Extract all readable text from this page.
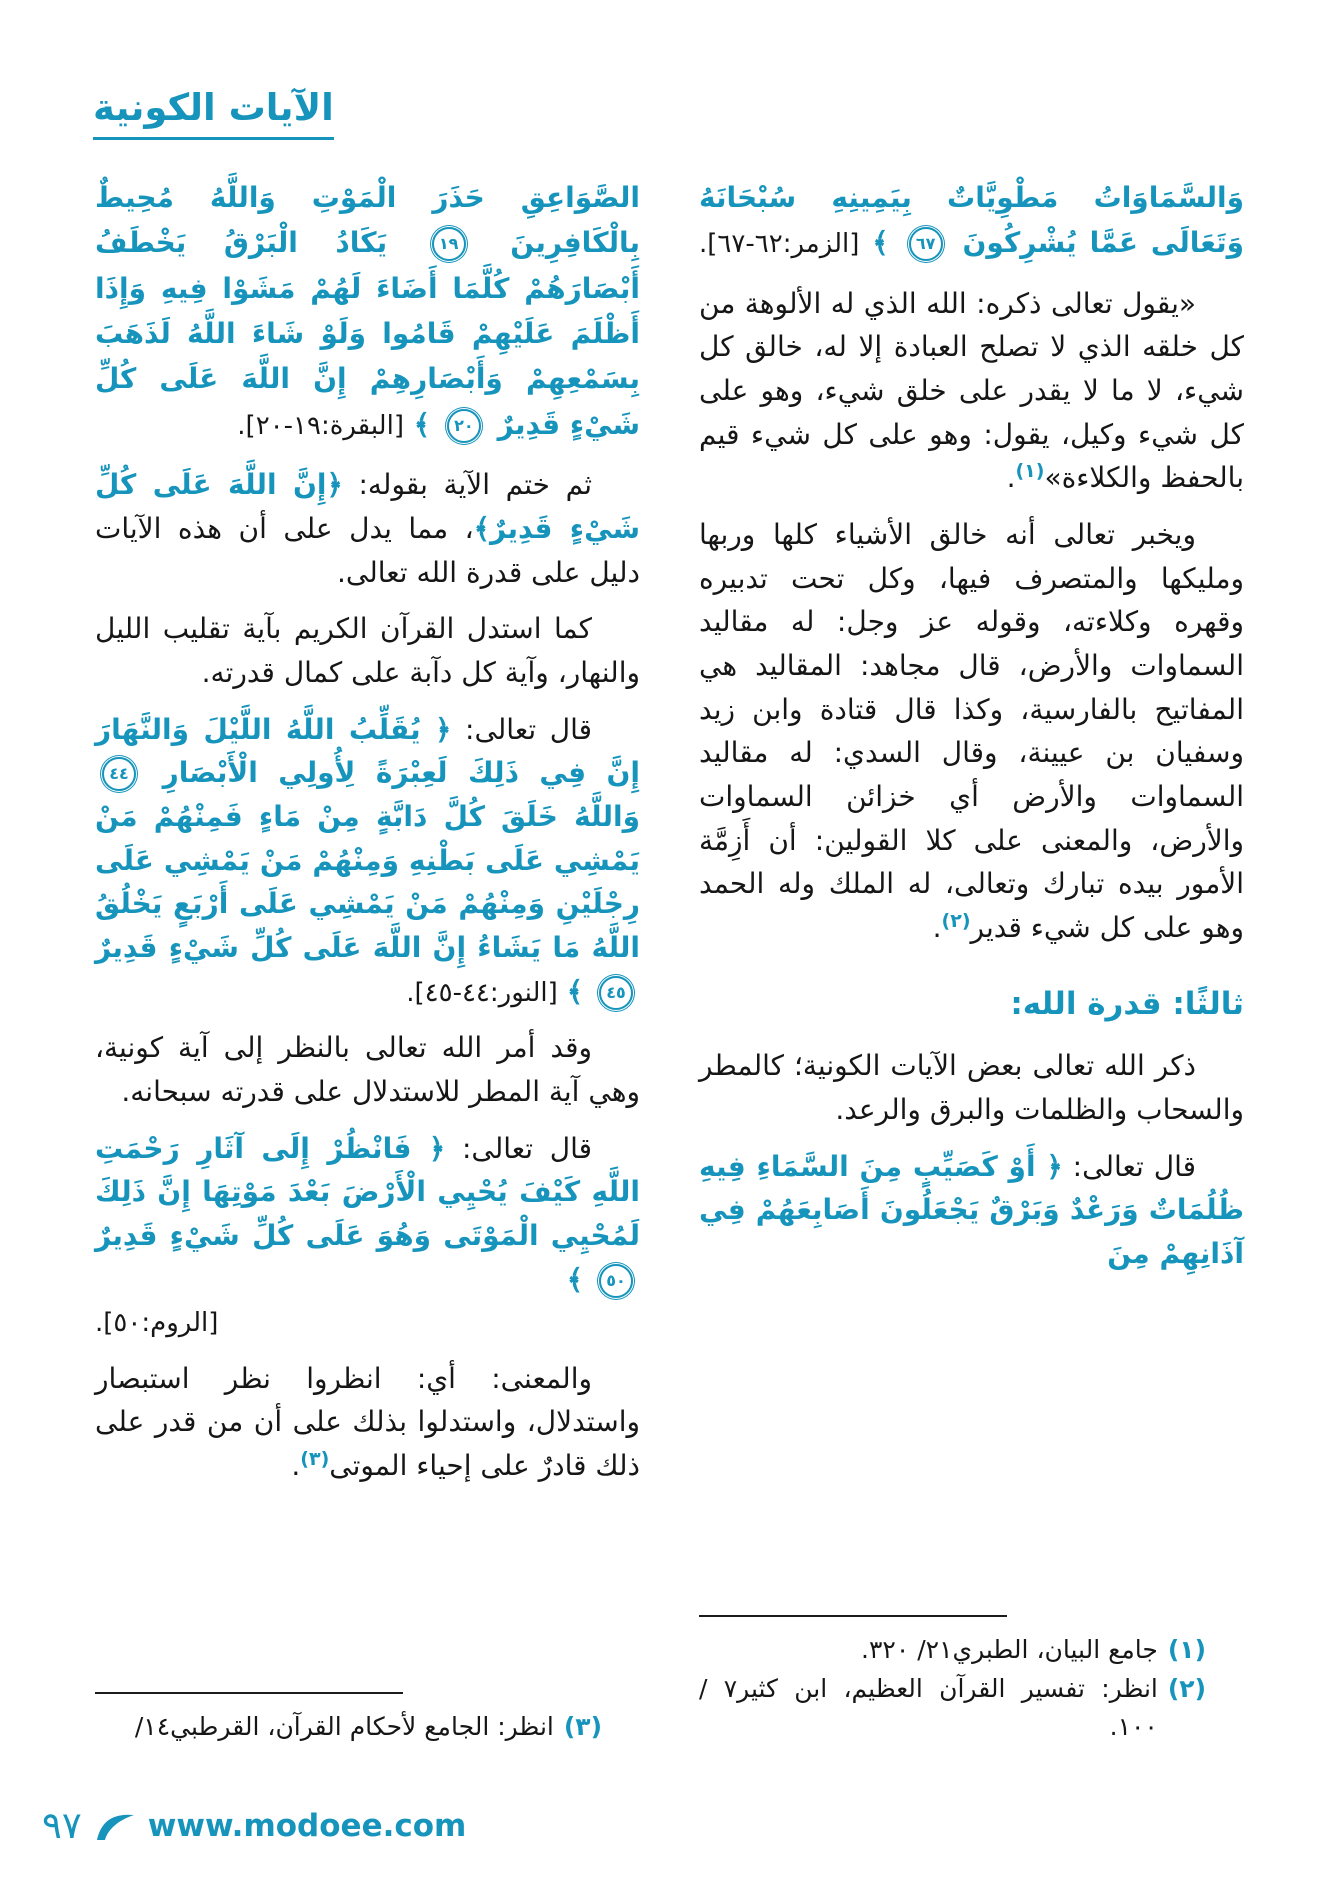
الآيات الكونية

وَالسَّمَاوَاتُ مَطْوِيَّاتٌ بِيَمِينِهِ سُبْحَانَهُ وَتَعَالَى عَمَّا يُشْرِكُونَ ٦٧ ﴾ [الزمر:٦٢-٦٧].

«يقول تعالى ذكره: الله الذي له الألوهة من كل خلقه الذي لا تصلح العبادة إلا له، خالق كل شيء، لا ما لا يقدر على خلق شيء، وهو على كل شيء وكيل، يقول: وهو على كل شيء قيم بالحفظ والكلاءة»$^{(١)}$.

ويخبر تعالى أنه خالق الأشياء كلها وربها ومليكها والمتصرف فيها، وكل تحت تدبيره وقهره وكلاءته، وقوله عز وجل: له مقاليد السماوات والأرض، قال مجاهد: المقاليد هي المفاتيح بالفارسية، وكذا قال قتادة وابن زيد وسفيان بن عيينة، وقال السدي: له مقاليد السماوات والأرض أي خزائن السماوات والأرض، والمعنى على كلا القولين: أن أَزِمَّة الأمور بيده تبارك وتعالى، له الملك وله الحمد وهو على كل شيء قدير$^{(٢)}$.

ثالثًا: قدرة الله:

ذكر الله تعالى بعض الآيات الكونية؛ كالمطر والسحاب والظلمات والبرق والرعد.

قال تعالى: ﴿ أَوْ كَصَيِّبٍ مِنَ السَّمَاءِ فِيهِ ظُلُمَاتٌ وَرَعْدٌ وَبَرْقٌ يَجْعَلُونَ أَصَابِعَهُمْ فِي آذَانِهِمْ مِنَ

(١)
جامع البيان، الطبري٢١/ ٣٢٠.
(٢)
انظر: تفسير القرآن العظيم، ابن كثير٧ / ١٠٠.

الصَّوَاعِقِ حَذَرَ الْمَوْتِ وَاللَّهُ مُحِيطٌ بِالْكَافِرِينَ ١٩ يَكَادُ الْبَرْقُ يَخْطَفُ أَبْصَارَهُمْ كُلَّمَا أَضَاءَ لَهُمْ مَشَوْا فِيهِ وَإِذَا أَظْلَمَ عَلَيْهِمْ قَامُوا وَلَوْ شَاءَ اللَّهُ لَذَهَبَ بِسَمْعِهِمْ وَأَبْصَارِهِمْ إِنَّ اللَّهَ عَلَى كُلِّ شَيْءٍ قَدِيرٌ ٢٠ ﴾ [البقرة:١٩-٢٠].

ثم ختم الآية بقوله: ﴿إِنَّ اللَّهَ عَلَى كُلِّ شَيْءٍ قَدِيرٌ﴾، مما يدل على أن هذه الآيات دليل على قدرة الله تعالى.

كما استدل القرآن الكريم بآية تقليب الليل والنهار، وآية كل دآبة على كمال قدرته.

قال تعالى: ﴿ يُقَلِّبُ اللَّهُ اللَّيْلَ وَالنَّهَارَ إِنَّ فِي ذَلِكَ لَعِبْرَةً لِأُولِي الْأَبْصَارِ ٤٤ وَاللَّهُ خَلَقَ كُلَّ دَابَّةٍ مِنْ مَاءٍ فَمِنْهُمْ مَنْ يَمْشِي عَلَى بَطْنِهِ وَمِنْهُمْ مَنْ يَمْشِي عَلَى رِجْلَيْنِ وَمِنْهُمْ مَنْ يَمْشِي عَلَى أَرْبَعٍ يَخْلُقُ اللَّهُ مَا يَشَاءُ إِنَّ اللَّهَ عَلَى كُلِّ شَيْءٍ قَدِيرٌ ٤٥ ﴾ [النور:٤٤-٤٥].

وقد أمر الله تعالى بالنظر إلى آية كونية، وهي آية المطر للاستدلال على قدرته سبحانه.

قال تعالى: ﴿ فَانْظُرْ إِلَى آثَارِ رَحْمَتِ اللَّهِ كَيْفَ يُحْيِي الْأَرْضَ بَعْدَ مَوْتِهَا إِنَّ ذَلِكَ لَمُحْيِي الْمَوْتَى وَهُوَ عَلَى كُلِّ شَيْءٍ قَدِيرٌ ٥٠ ﴾
[الروم:٥٠].

والمعنى: أي: انظروا نظر استبصار واستدلال، واستدلوا بذلك على أن من قدر على ذلك قادرٌ على إحياء الموتى$^{(٣)}$.

(٣)
انظر: الجامع لأحكام القرآن، القرطبي١٤/
٩٧ www.modoee.com
